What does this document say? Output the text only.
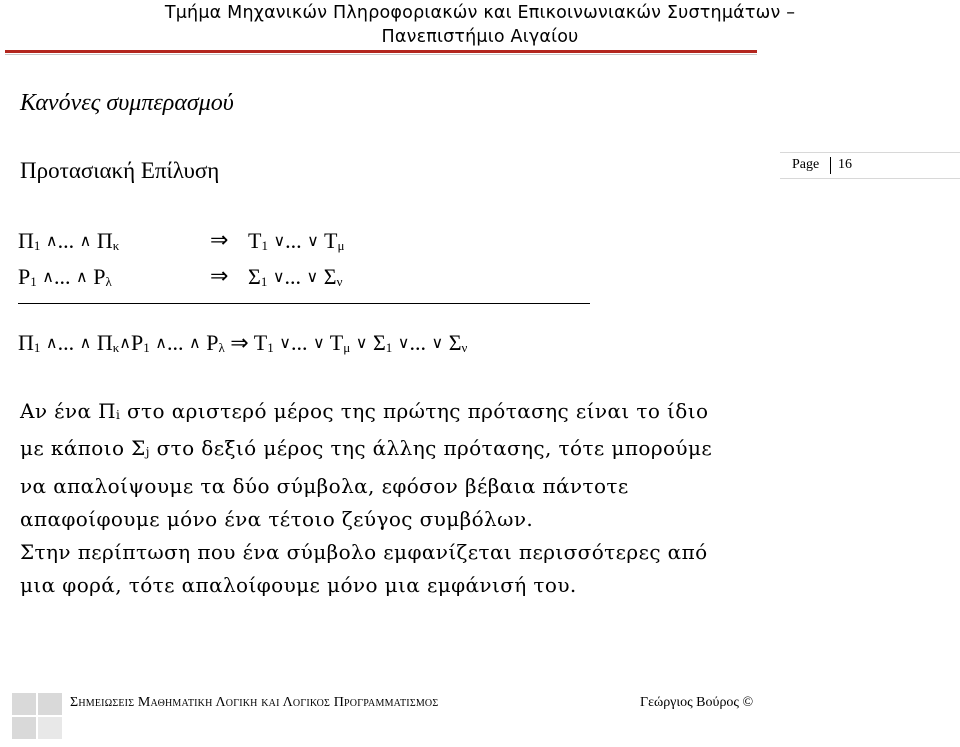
Τμήμα Μηχανικών Πληροφοριακών και Επικοινωνιακών Συστημάτων –
Πανεπιστήμιο Αιγαίου
Κανόνες συμπερασμού
Προτασιακή Επίλυση	Page 16
$\Pi_1$ ∧... ∧ $\Pi_\kappa$	⇒ $T_1$ ∨... ∨ $T_\mu$
$P_1$ ∧... ∧ $P_\lambda$	⇒ $\Sigma_1$ ∨... ∨ $\Sigma_\nu$
$\Pi_1$ ∧... ∧ $\Pi_\kappa\wedge P_1$ ∧... ∧ $P_\lambda$ ⇒ $T_1$ ∨... ∨ $T_\mu$ ∨ $\Sigma_1$ ∨... ∨ $\Sigma_\nu$
Αν ένα $\Pi_i$ στο αριστερό μέρος της πρώτης πρότασης είναι το ίδιο
με κάποιο $\Sigma_j$ στο δεξιό μέρος της άλλης πρότασης, τότε μπορούμε
να απαλοίψουμε τα δύο σύμβολα, εφόσον βέβαια πάντοτε
απαφοίφουμε μόνο ένα τέτοιο ζεύγος συμβόλων.
Στην περίπτωση που ένα σύμβολο εμφανίζεται περισσότερες από
μια φορά, τότε απαλοίφουμε μόνο μια εμφάνισή του.
Σημειωσεισ Μαθηματικη Λογικη και Λογικοσ Προγραμματισμοσ	Γεώργιος Βούρος ©
